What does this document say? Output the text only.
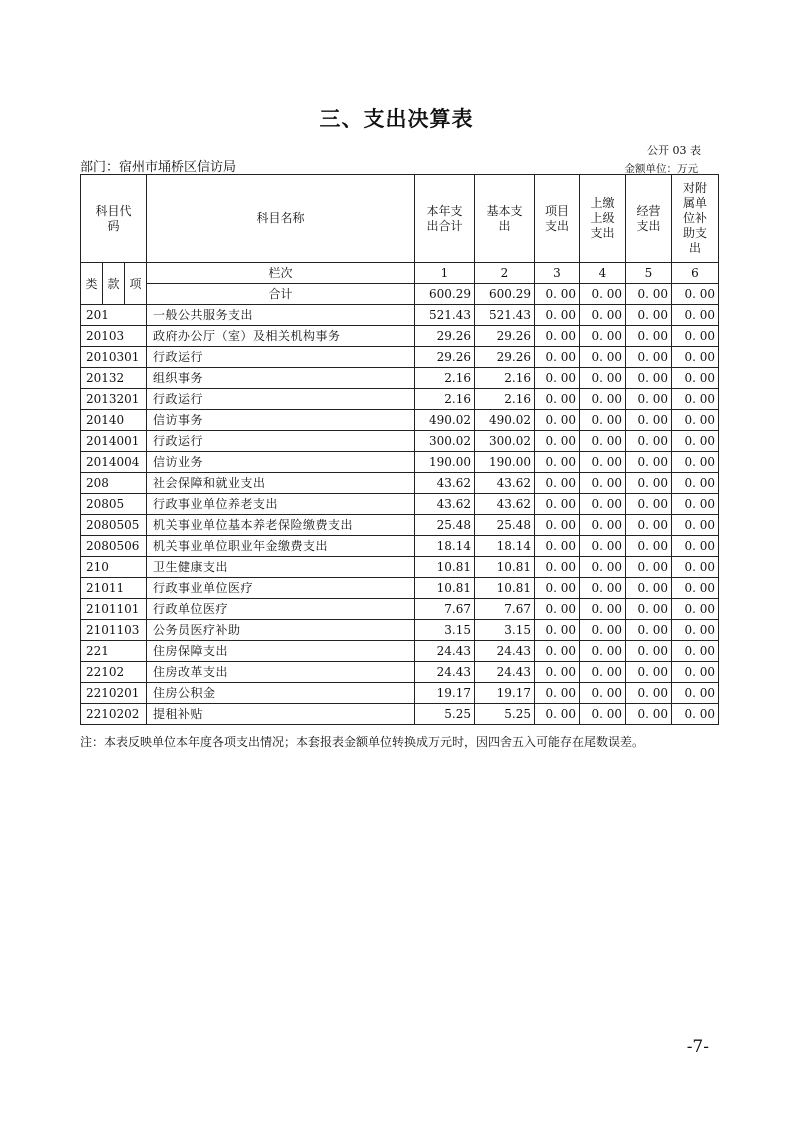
三、支出决算表
公开 03 表
部门：宿州市埇桥区信访局	金额单位：万元
科目代码			科目名称	本年支出合计	基本支出	项目支出	上缴上级支出	经营支出	对附属单位补助支出
类	款	项	栏次	1	2	3	4	5	6
			合计	600.29	600.29	0. 00	0. 00	0. 00	0. 00
201			一般公共服务支出	521.43	521.43	0. 00	0. 00	0. 00	0. 00
20103			政府办公厅（室）及相关机构事务	29.26	29.26	0. 00	0. 00	0. 00	0. 00
2010301			行政运行	29.26	29.26	0. 00	0. 00	0. 00	0. 00
20132			组织事务	2.16	2.16	0. 00	0. 00	0. 00	0. 00
2013201			行政运行	2.16	2.16	0. 00	0. 00	0. 00	0. 00
20140			信访事务	490.02	490.02	0. 00	0. 00	0. 00	0. 00
2014001			行政运行	300.02	300.02	0. 00	0. 00	0. 00	0. 00
2014004			信访业务	190.00	190.00	0. 00	0. 00	0. 00	0. 00
208			社会保障和就业支出	43.62	43.62	0. 00	0. 00	0. 00	0. 00
20805			行政事业单位养老支出	43.62	43.62	0. 00	0. 00	0. 00	0. 00
2080505			机关事业单位基本养老保险缴费支出	25.48	25.48	0. 00	0. 00	0. 00	0. 00
2080506			机关事业单位职业年金缴费支出	18.14	18.14	0. 00	0. 00	0. 00	0. 00
210			卫生健康支出	10.81	10.81	0. 00	0. 00	0. 00	0. 00
21011			行政事业单位医疗	10.81	10.81	0. 00	0. 00	0. 00	0. 00
2101101			行政单位医疗	7.67	7.67	0. 00	0. 00	0. 00	0. 00
2101103			公务员医疗补助	3.15	3.15	0. 00	0. 00	0. 00	0. 00
221			住房保障支出	24.43	24.43	0. 00	0. 00	0. 00	0. 00
22102			住房改革支出	24.43	24.43	0. 00	0. 00	0. 00	0. 00
2210201			住房公积金	19.17	19.17	0. 00	0. 00	0. 00	0. 00
2210202			提租补贴	5.25	5.25	0. 00	0. 00	0. 00	0. 00
注：本表反映单位本年度各项支出情况；本套报表金额单位转换成万元时，因四舍五入可能存在尾数误差。
-7-
